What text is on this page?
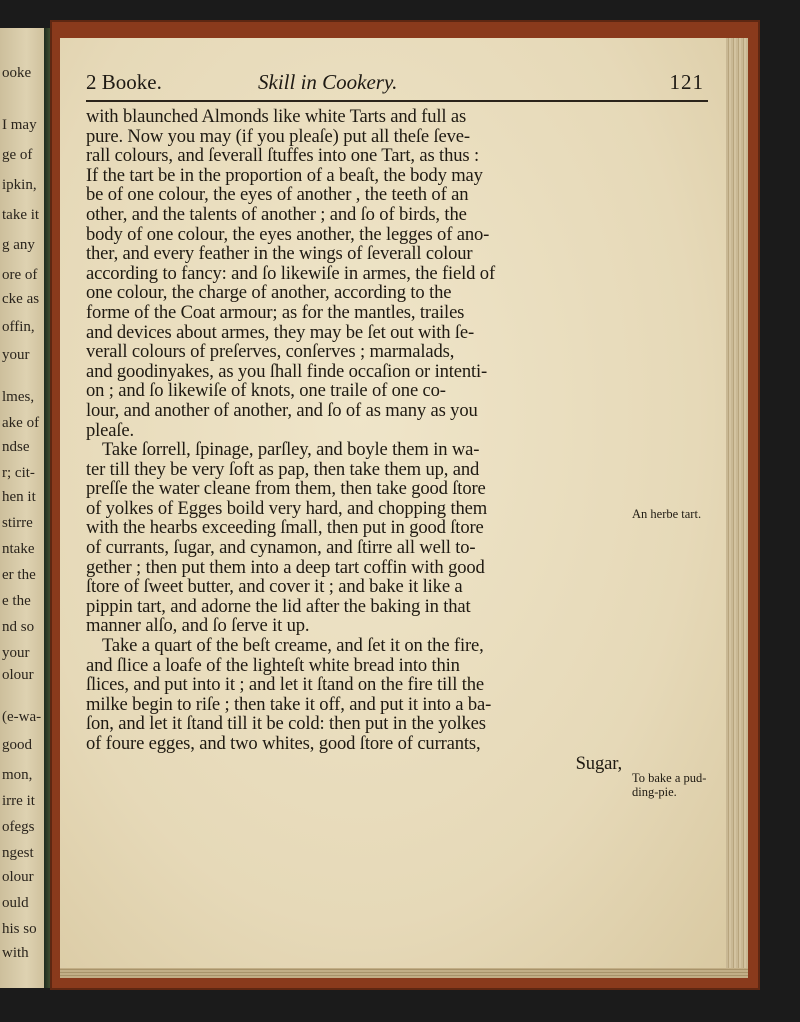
ooke
I may
ge of
ipkin,
take it
g any
ore of
cke as
offin,
your
lmes,
ake of
ndse
r; cit-
hen it
stirre
ntake
er the
e the
nd so
your
olour
(e-wa-
good
mon,
irre it
ofegs
ngest
olour
ould
his so
with
2 Booke.	Skill in Cookery.	121
with blaunched Almonds like white Tarts and full as
pure. Now you may (if you pleaſe) put all theſe ſeve-
rall colours, and ſeverall ſtuffes into one Tart, as thus :
If the tart be in the proportion of a beaſt, the body may
be of one colour, the eyes of another , the teeth of an
other, and the talents of another ; and ſo of birds, the
body of one colour, the eyes another, the legges of ano-
ther, and every feather in the wings of ſeverall colour
according to fancy: and ſo likewiſe in armes, the field of
one colour, the charge of another, according to the
forme of the Coat armour; as for the mantles, trailes
and devices about armes, they may be ſet out with ſe-
verall colours of preſerves, conſerves ; marmalads,
and goodinyakes, as you ſhall finde occaſion or intenti-
on ; and ſo likewiſe of knots, one traile of one co-
lour, and another of another, and ſo of as many as you
pleaſe.
Take ſorrell, ſpinage, parſley, and boyle them in wa-
ter till they be very ſoft as pap, then take them up, and
preſſe the water cleane from them, then take good ſtore
of yolkes of Egges boild very hard, and chopping them
with the hearbs exceeding ſmall, then put in good ſtore
of currants, ſugar, and cynamon, and ſtirre all well to-
gether ; then put them into a deep tart coffin with good
ſtore of ſweet butter, and cover it ; and bake it like a
pippin tart, and adorne the lid after the baking in that
manner alſo, and ſo ſerve it up.
Take a quart of the beſt creame, and ſet it on the fire,
and ſlice a loafe of the lighteſt white bread into thin
ſlices, and put into it ; and let it ſtand on the fire till the
milke begin to riſe ; then take it off, and put it into a ba-
ſon, and let it ſtand till it be cold: then put in the yolkes
of foure egges, and two whites, good ſtore of currants,
Sugar,
An herbe tart.
To bake a pud-
ding-pie.
